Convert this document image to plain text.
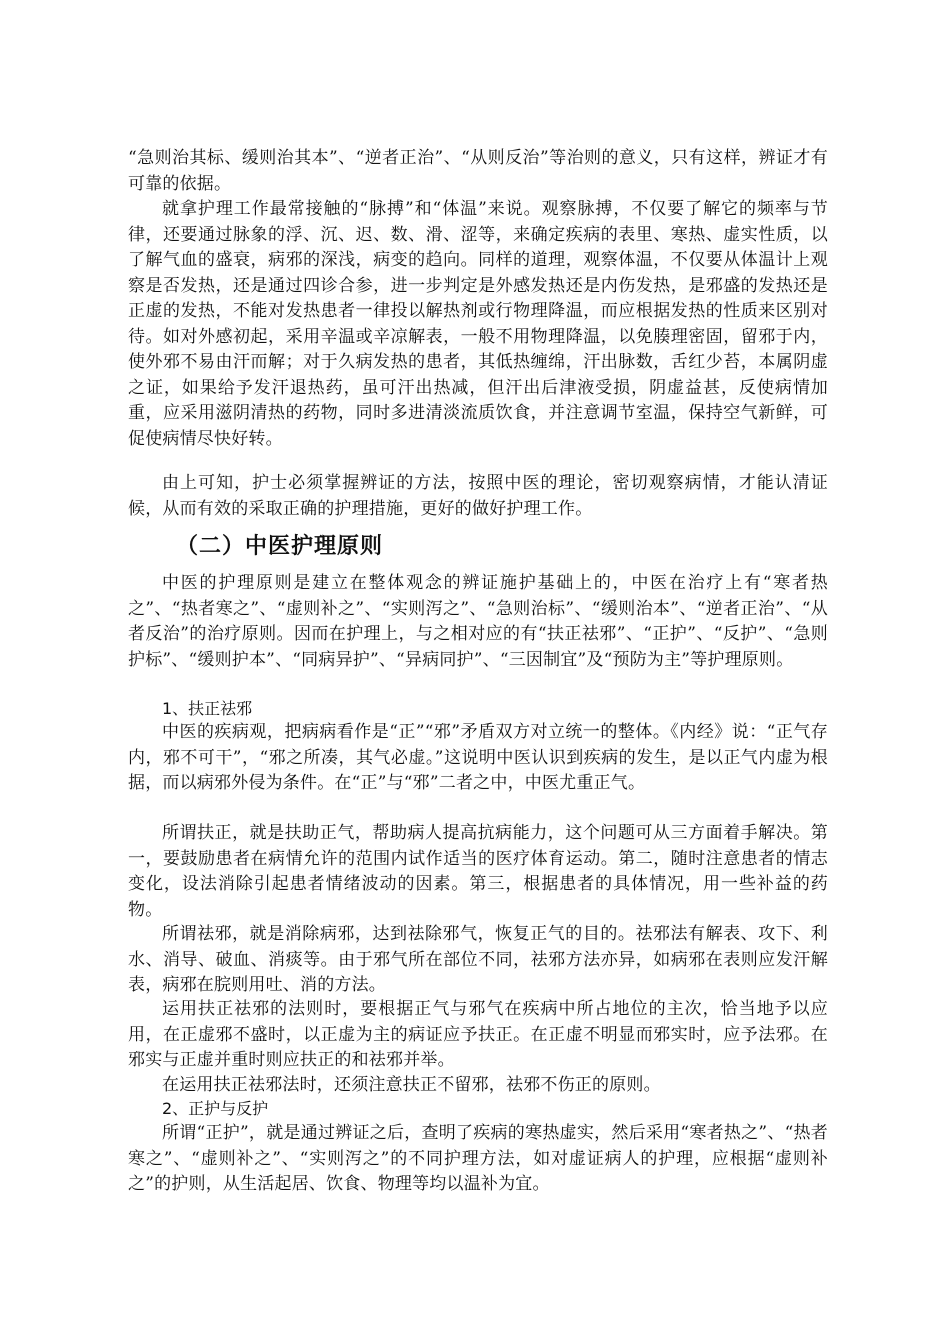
“急则治其标、缓则治其本”、“逆者正治”、“从则反治”等治则的意义，只有这样，辨证才有可靠的依据。

就拿护理工作最常接触的“脉搏”和“体温”来说。观察脉搏，不仅要了解它的频率与节律，还要通过脉象的浮、沉、迟、数、滑、涩等，来确定疾病的表里、寒热、虚实性质，以了解气血的盛衰，病邪的深浅，病变的趋向。同样的道理，观察体温，不仅要从体温计上观察是否发热，还是通过四诊合参，进一步判定是外感发热还是内伤发热，是邪盛的发热还是正虚的发热，不能对发热患者一律投以解热剂或行物理降温，而应根据发热的性质来区别对待。如对外感初起，采用辛温或辛凉解表，一般不用物理降温，以免腠理密固，留邪于内，使外邪不易由汗而解；对于久病发热的患者，其低热缠绵，汗出脉数，舌红少苔，本属阴虚之证，如果给予发汗退热药，虽可汗出热减，但汗出后津液受损，阴虚益甚，反使病情加重，应采用滋阴清热的药物，同时多进清淡流质饮食，并注意调节室温，保持空气新鲜，可促使病情尽快好转。

由上可知，护士必须掌握辨证的方法，按照中医的理论，密切观察病情，才能认清证候，从而有效的采取正确的护理措施，更好的做好护理工作。

（二）中医护理原则

中医的护理原则是建立在整体观念的辨证施护基础上的，中医在治疗上有“寒者热之”、“热者寒之”、“虚则补之”、“实则泻之”、“急则治标”、“缓则治本”、“逆者正治”、“从者反治”的治疗原则。因而在护理上，与之相对应的有“扶正祛邪”、“正护”、“反护”、“急则护标”、“缓则护本”、“同病异护”、“异病同护”、“三因制宜”及“预防为主”等护理原则。

1、扶正祛邪

中医的疾病观，把病病看作是“正”“邪”矛盾双方对立统一的整体。《内经》说：“正气存内，邪不可干”，“邪之所凑，其气必虚。”这说明中医认识到疾病的发生，是以正气内虚为根据，而以病邪外侵为条件。在“正”与“邪”二者之中，中医尤重正气。

所谓扶正，就是扶助正气，帮助病人提高抗病能力，这个问题可从三方面着手解决。第一，要鼓励患者在病情允许的范围内试作适当的医疗体育运动。第二，随时注意患者的情志变化，设法消除引起患者情绪波动的因素。第三，根据患者的具体情况，用一些补益的药物。

所谓祛邪，就是消除病邪，达到祛除邪气，恢复正气的目的。祛邪法有解表、攻下、利水、消导、破血、消痰等。由于邪气所在部位不同，祛邪方法亦异，如病邪在表则应发汗解表，病邪在脘则用吐、消的方法。

运用扶正祛邪的法则时，要根据正气与邪气在疾病中所占地位的主次，恰当地予以应用，在正虚邪不盛时，以正虚为主的病证应予扶正。在正虚不明显而邪实时，应予法邪。在邪实与正虚并重时则应扶正的和祛邪并举。

在运用扶正祛邪法时，还须注意扶正不留邪，祛邪不伤正的原则。

2、正护与反护

所谓“正护”，就是通过辨证之后，查明了疾病的寒热虚实，然后采用“寒者热之”、“热者寒之”、“虚则补之”、“实则泻之”的不同护理方法，如对虚证病人的护理，应根据“虚则补之”的护则，从生活起居、饮食、物理等均以温补为宜。
